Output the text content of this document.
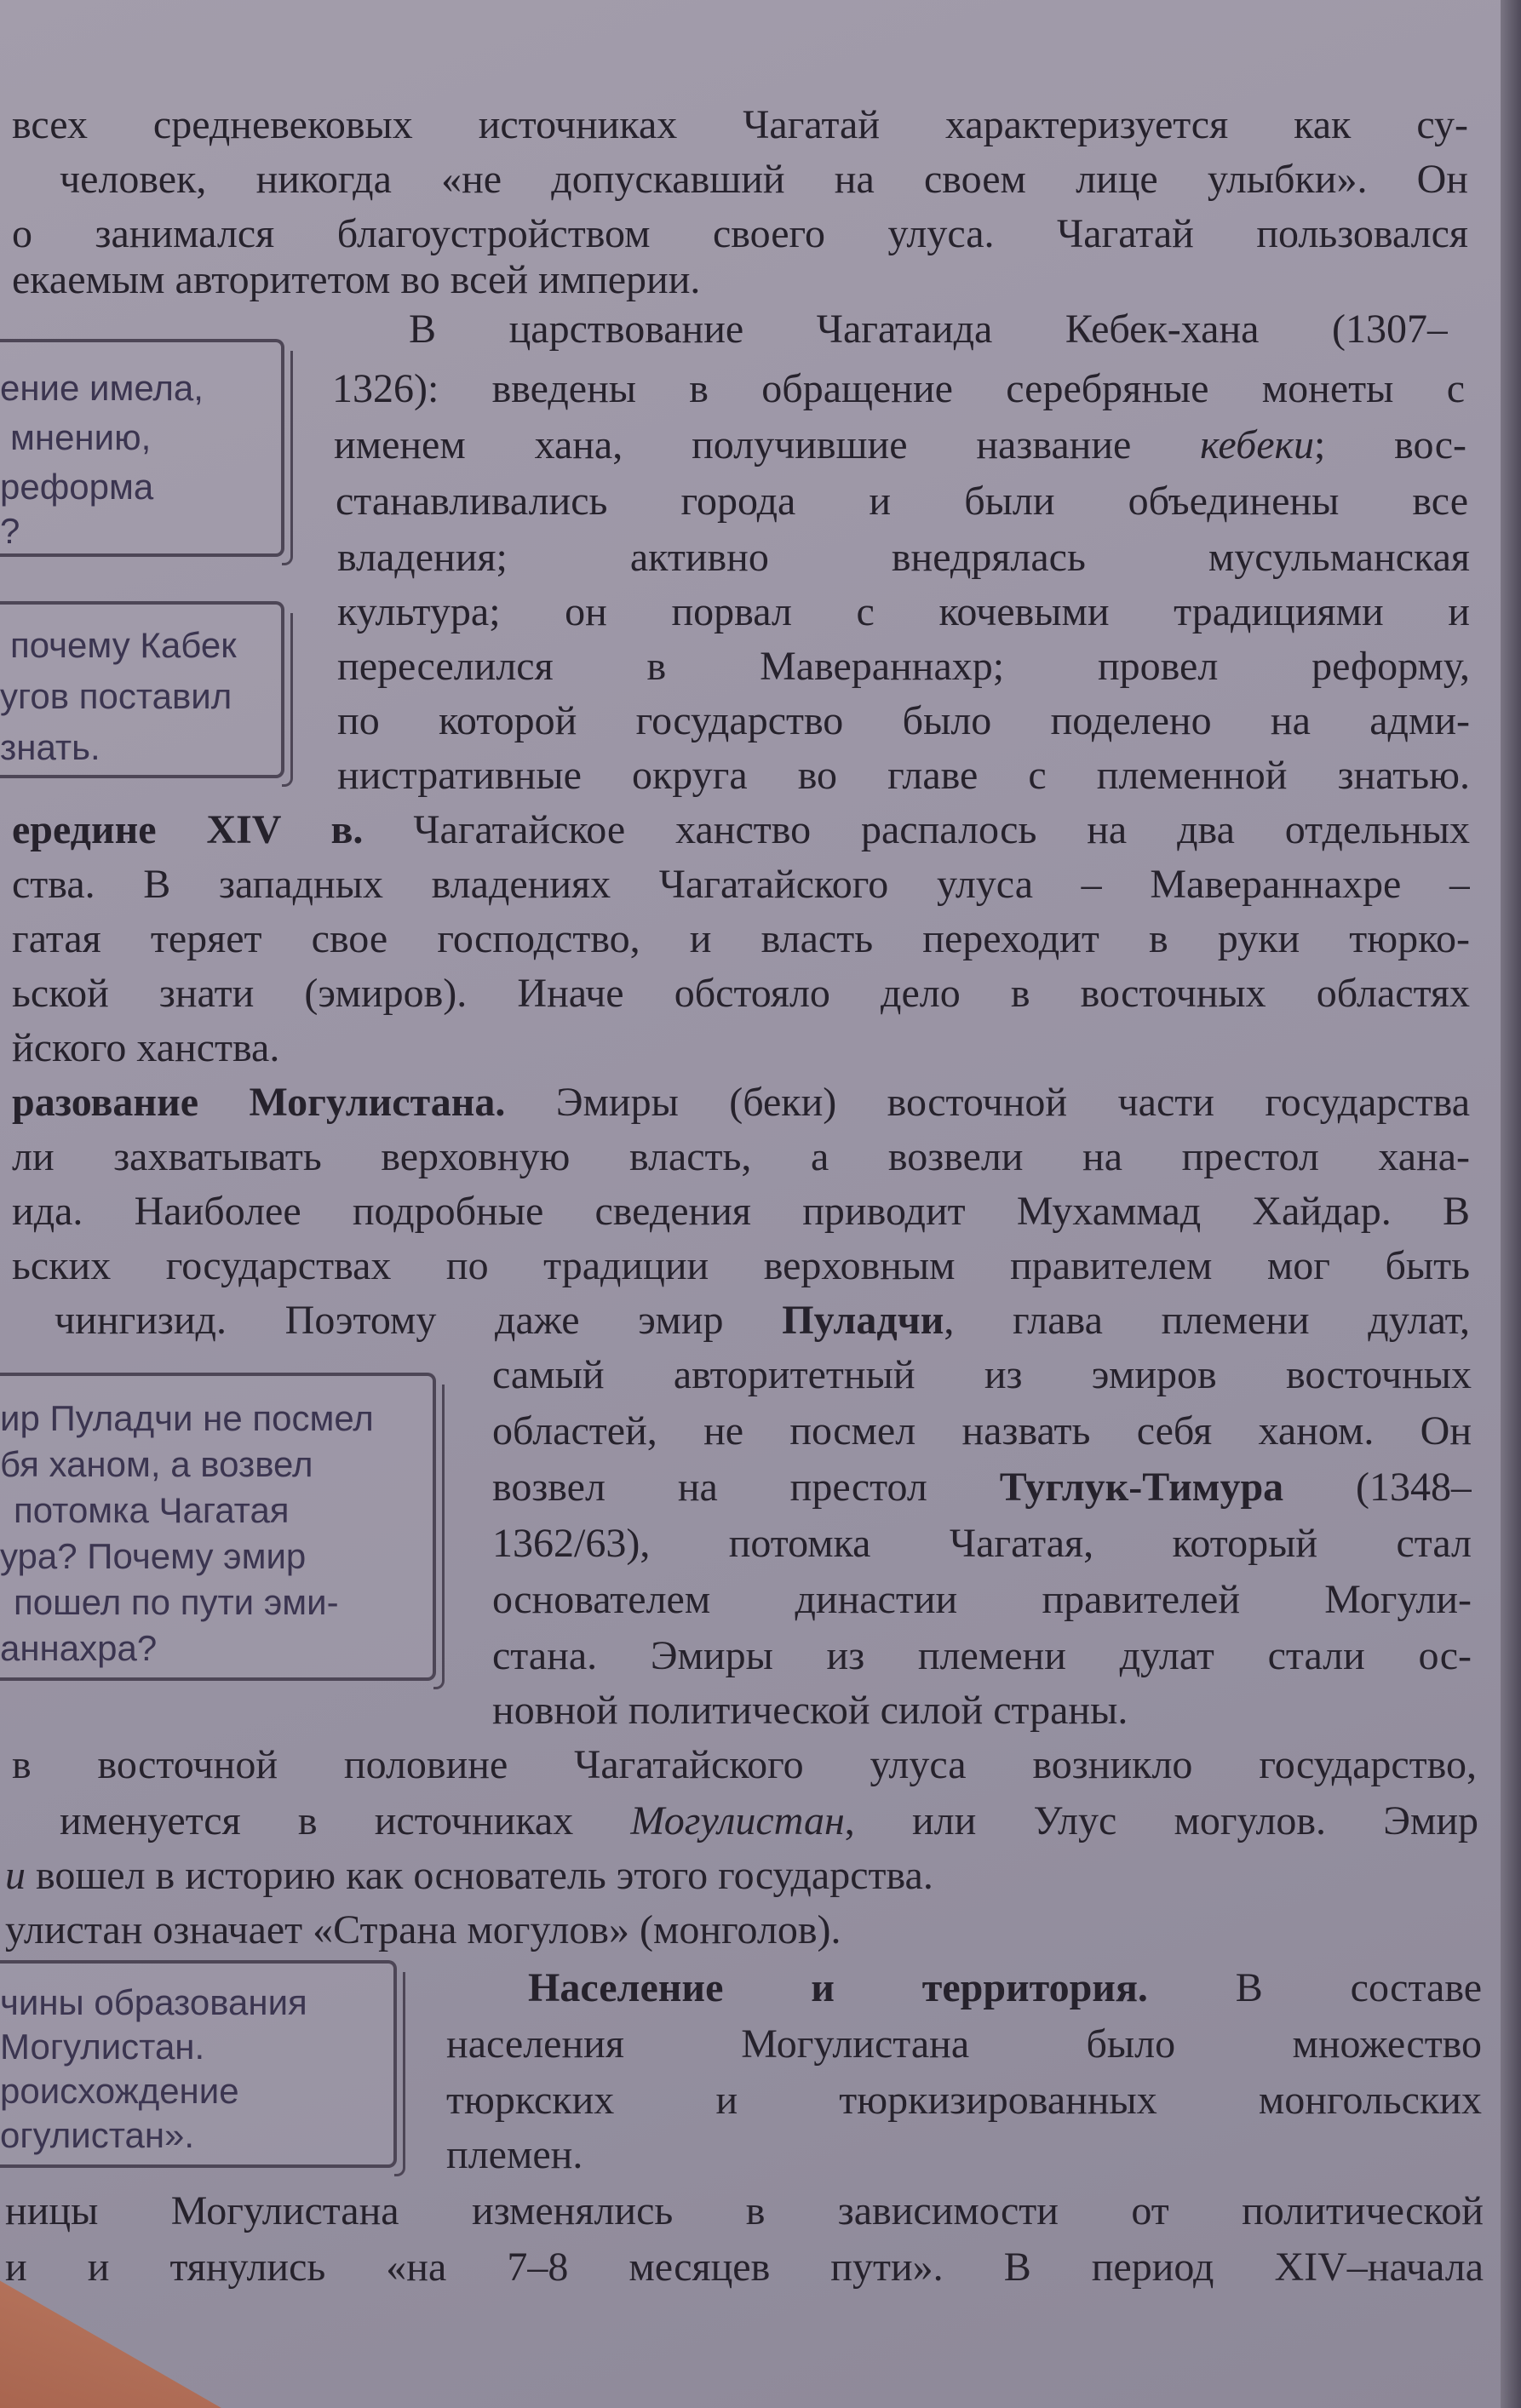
всех средневековых источниках Чагатай характеризуется как су-
человек, никогда «не допускавший на своем лице улыбки». Он
о занимался благоустройством своего улуса. Чагатай пользовался
екаемым авторитетом во всей империи.
В царствование Чагатаида Кебек-хана (1307–
1326): введены в обращение серебряные монеты с
именем хана, получившие название кебеки; вос-
станавливались города и были объединены все
владения; активно внедрялась мусульманская
культура; он порвал с кочевыми традициями и
переселился в Мавераннахр; провел реформу,
по которой государство было поделено на адми-
нистративные округа во главе с племенной знатью.
ередине XIV в. Чагатайское ханство распалось на два отдельных
ства. В западных владениях Чагатайского улуса – Мавераннахре –
гатая теряет свое господство, и власть переходит в руки тюрко-
ьской знати (эмиров). Иначе обстояло дело в восточных областях
йского ханства.
разование Могулистана. Эмиры (беки) восточной части государства
ли захватывать верховную власть, а возвели на престол хана-
ида. Наиболее подробные сведения приводит Мухаммад Хайдар. В
ьских государствах по традиции верховным правителем мог быть
чингизид. Поэтому даже эмир Пуладчи, глава племени дулат,
самый авторитетный из эмиров восточных
областей, не посмел назвать себя ханом. Он
возвел на престол Туглук-Тимура (1348–
1362/63), потомка Чагатая, который стал
основателем династии правителей Могули-
стана. Эмиры из племени дулат стали ос-
новной политической силой страны.
в восточной половине Чагатайского улуса возникло государство,
именуется в источниках Могулистан, или Улус могулов. Эмир
и вошел в историю как основатель этого государства.
улистан означает «Страна могулов» (монголов).
Население и территория. В составе
населения Могулистана было множество
тюркских и тюркизированных монгольских
племен.
ницы Могулистана изменялись в зависимости от политической
и и тянулись «на 7–8 месяцев пути». В период XIV–начала
ение имела,
мнению,
реформа
?
почему Кабек
угов поставил
знать.
ир Пуладчи не посмел
бя ханом, а возвел
потомка Чагатая
ура? Почему эмир
пошел по пути эми-
аннахра?
чины образования
Могулистан.
роисхождение
огулистан».
